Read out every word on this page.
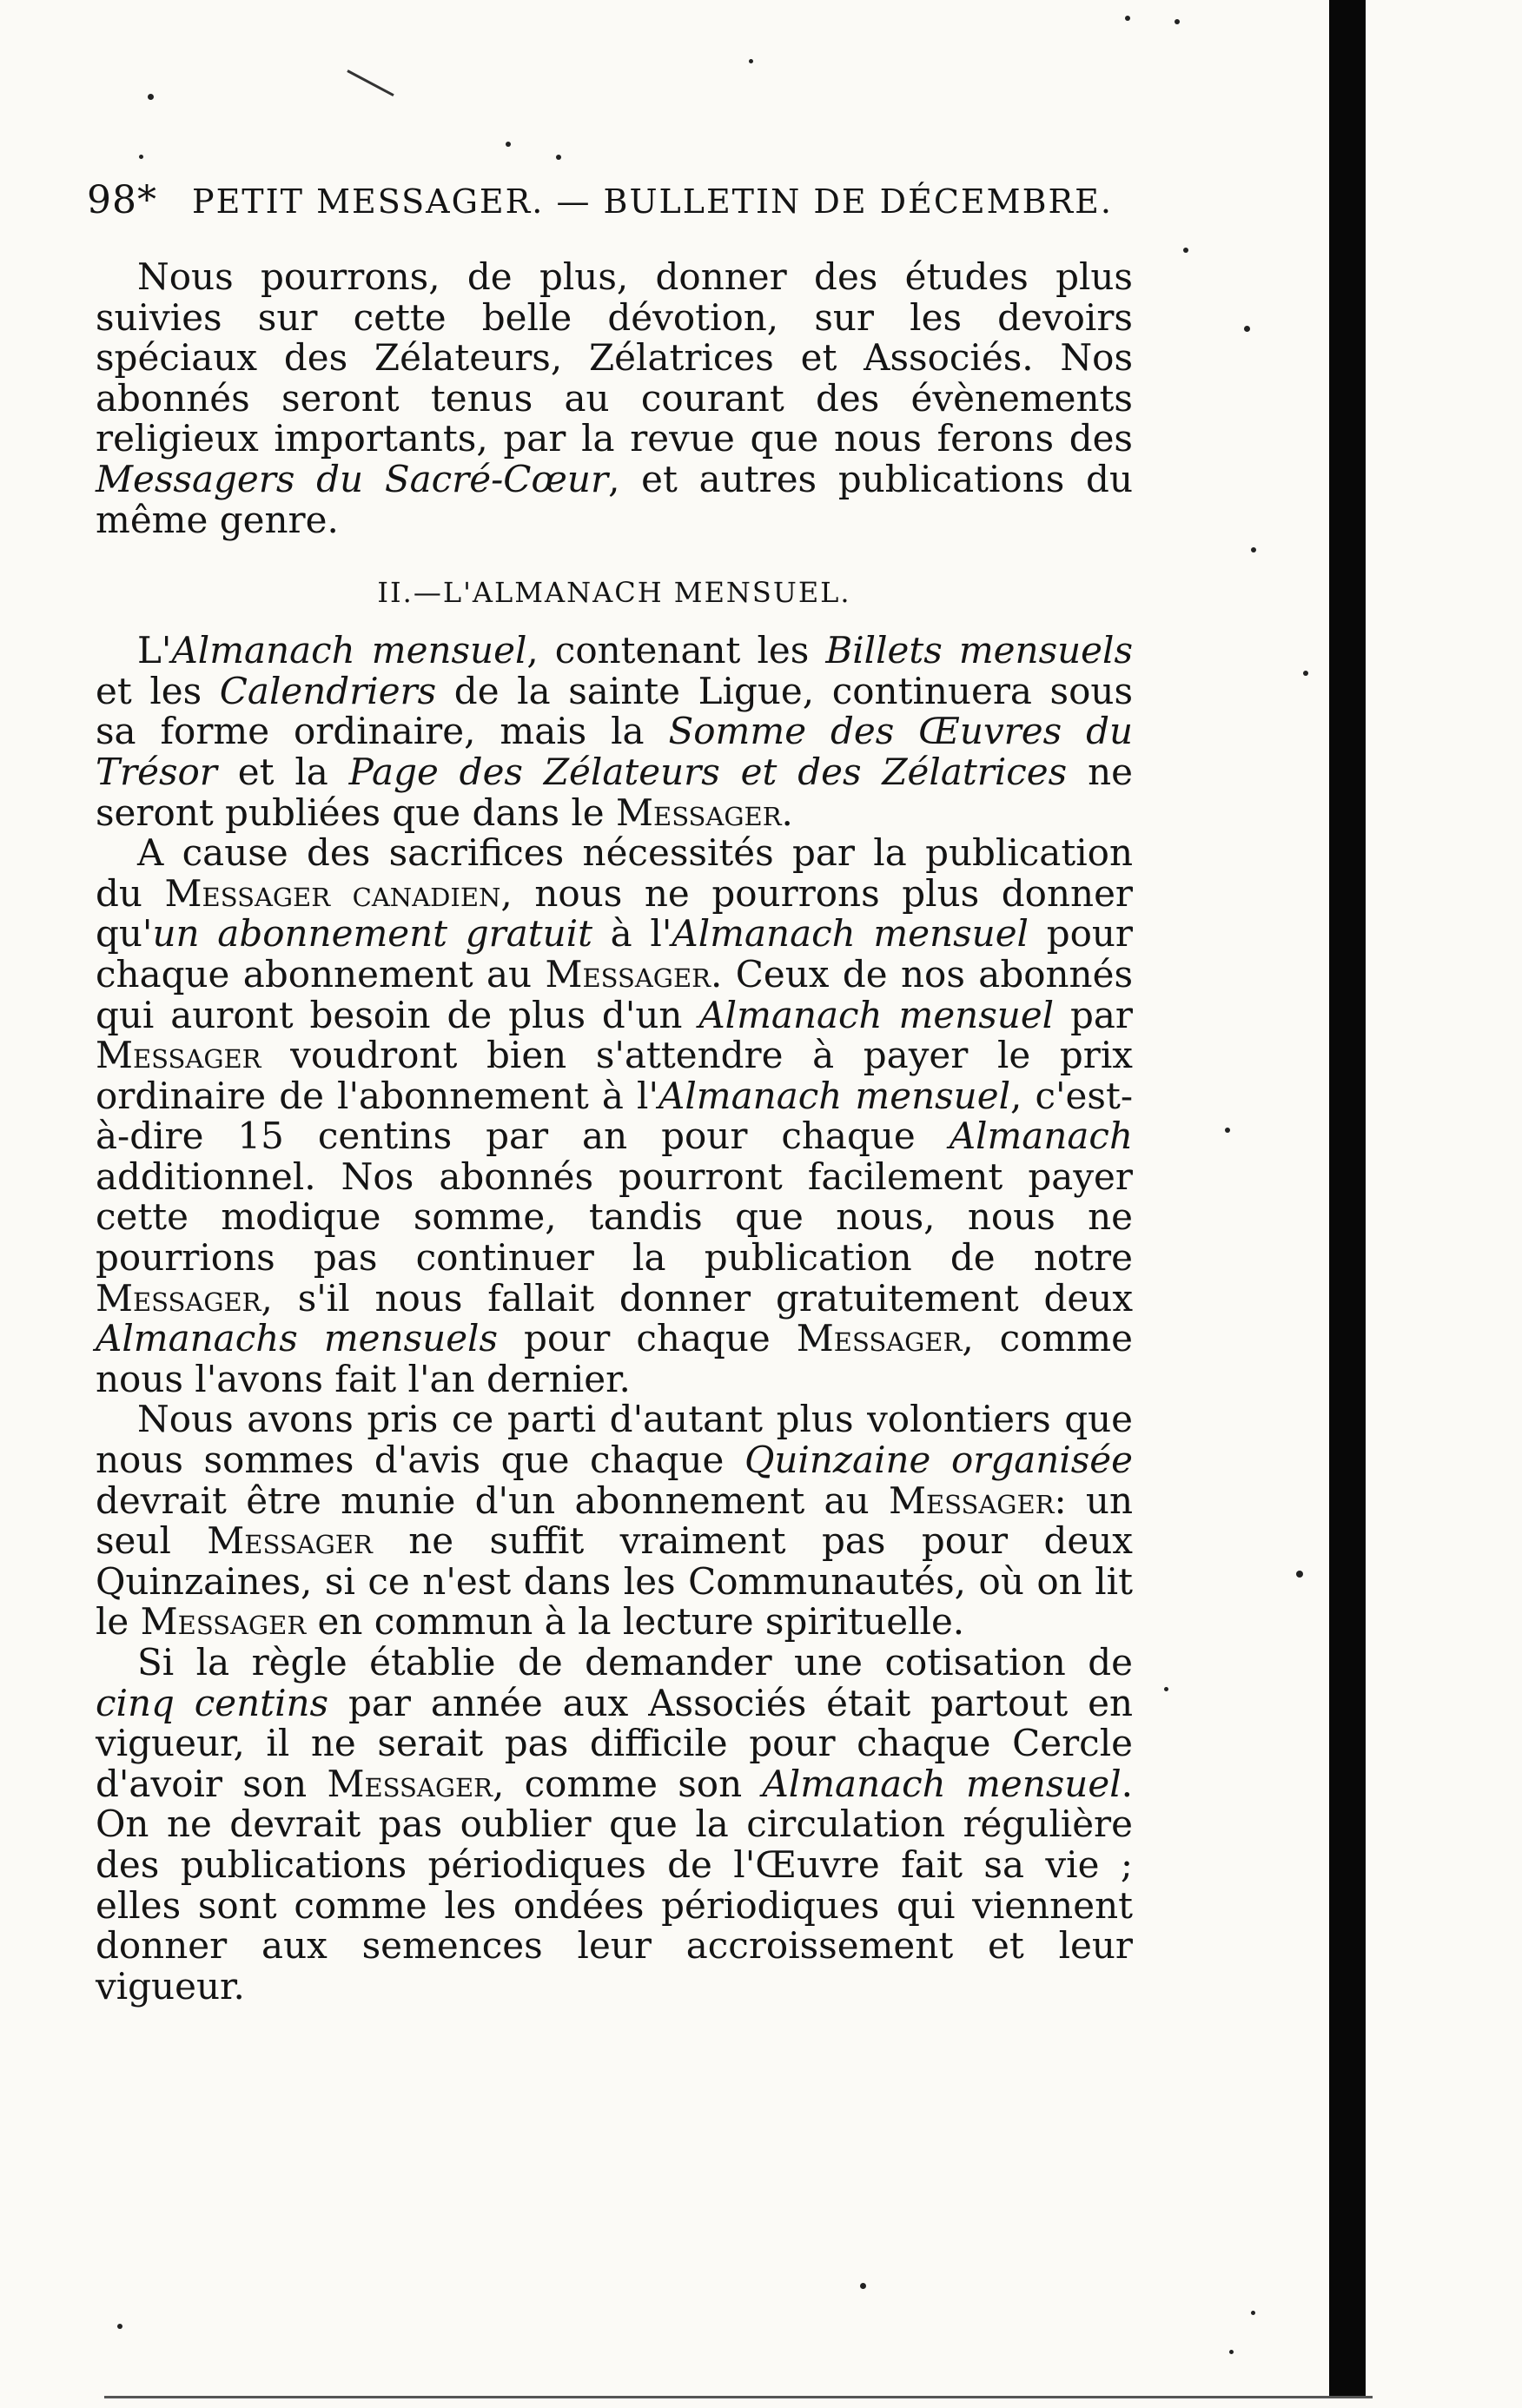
98* PETIT MESSAGER. — BULLETIN DE DÉCEMBRE.

Nous pourrons, de plus, donner des études plus suivies sur cette belle dévotion, sur les devoirs spéciaux des Zélateurs, Zélatrices et Associés. Nos abonnés seront tenus au courant des évènements religieux importants, par la revue que nous ferons des Messagers du Sacré-Cœur, et autres publications du même genre.

II.—L'ALMANACH MENSUEL.

L'Almanach mensuel, contenant les Billets mensuels et les Calendriers de la sainte Ligue, continuera sous sa forme ordinaire, mais la Somme des Œuvres du Trésor et la Page des Zélateurs et des Zélatrices ne seront publiées que dans le Messager.

A cause des sacrifices nécessités par la publication du Messager canadien, nous ne pourrons plus donner qu'un abonnement gratuit à l'Almanach mensuel pour chaque abonnement au Messager. Ceux de nos abonnés qui auront besoin de plus d'un Almanach mensuel par Messager voudront bien s'attendre à payer le prix ordinaire de l'abonnement à l'Almanach mensuel, c'est-à-dire 15 centins par an pour chaque Almanach additionnel. Nos abonnés pourront facilement payer cette modique somme, tandis que nous, nous ne pourrions pas continuer la publication de notre Messager, s'il nous fallait donner gratuitement deux Almanachs mensuels pour chaque Messager, comme nous l'avons fait l'an dernier.

Nous avons pris ce parti d'autant plus volontiers que nous sommes d'avis que chaque Quinzaine organisée devrait être munie d'un abonnement au Messager: un seul Messager ne suffit vraiment pas pour deux Quinzaines, si ce n'est dans les Communautés, où on lit le Messager en commun à la lecture spirituelle.

Si la règle établie de demander une cotisation de cinq centins par année aux Associés était partout en vigueur, il ne serait pas difficile pour chaque Cercle d'avoir son Messager, comme son Almanach mensuel. On ne devrait pas oublier que la circulation régulière des publications périodiques de l'Œuvre fait sa vie ; elles sont comme les ondées périodiques qui viennent donner aux semences leur accroissement et leur vigueur.
